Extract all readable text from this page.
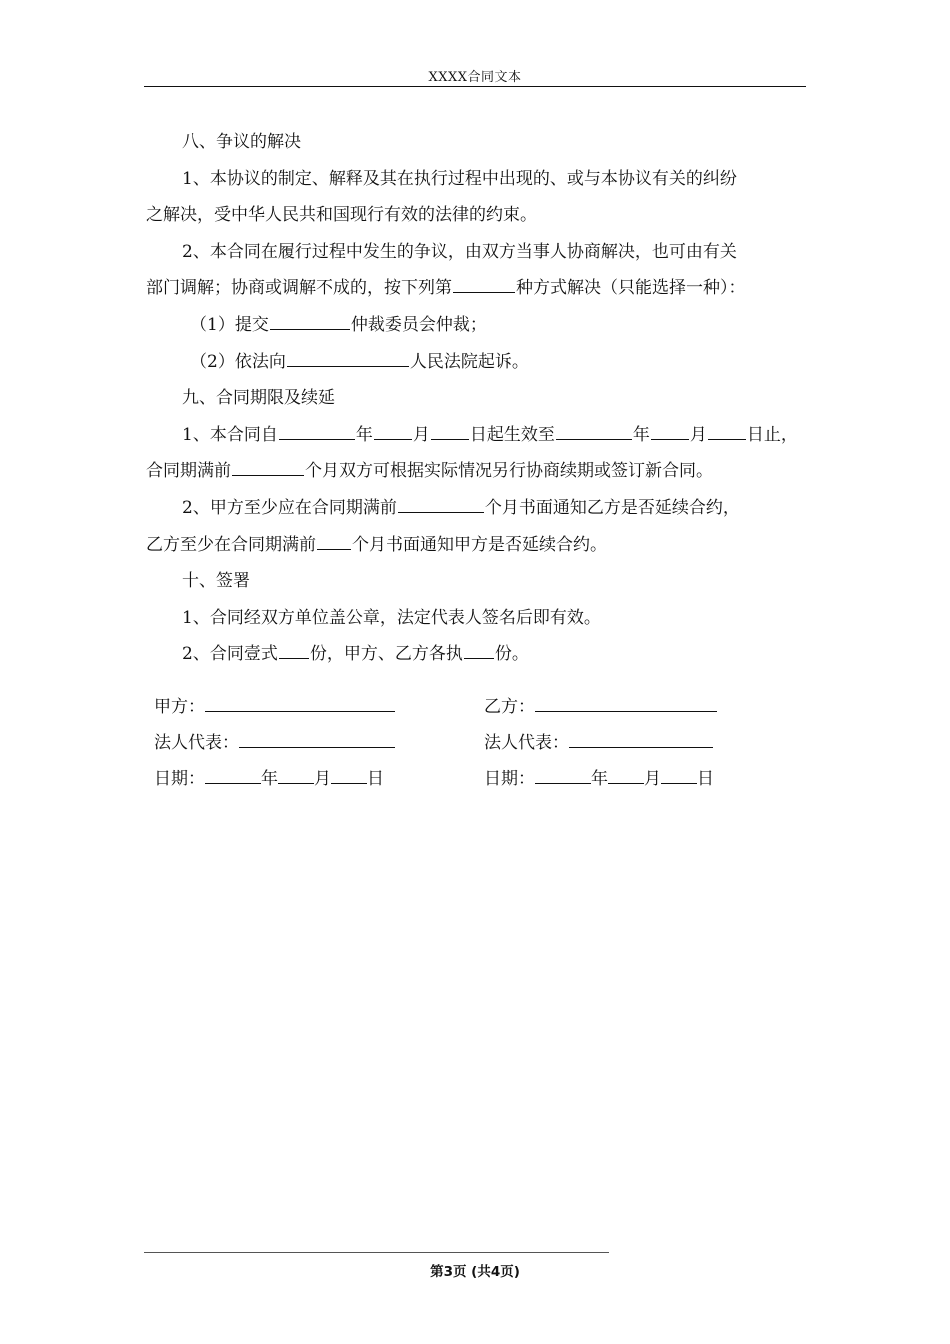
XXXX合同文本
八、争议的解决
1、本协议的制定、解释及其在执行过程中出现的、或与本协议有关的纠纷
之解决，受中华人民共和国现行有效的法律的约束。
2、本合同在履行过程中发生的争议，由双方当事人协商解决，也可由有关
部门调解；协商或调解不成的，按下列第	种方式解决（只能选择一种）：
（1）提交	仲裁委员会仲裁；
（2）依法向	人民法院起诉。
九、合同期限及续延
1、本合同自	年 月 日起生效至	年 月 日止，
合同期满前	个月双方可根据实际情况另行协商续期或签订新合同。
2、甲方至少应在合同期满前	个月书面通知乙方是否延续合约，
乙方至少在合同期满前 个月书面通知甲方是否延续合约。
十、签署
1、合同经双方单位盖公章，法定代表人签名后即有效。
2、合同壹式 份，甲方、乙方各执 份。
甲方：	乙方：
法人代表：	法人代表：
日期：	年 月 日	日期：	年 月 日
第3页 (共4页)
